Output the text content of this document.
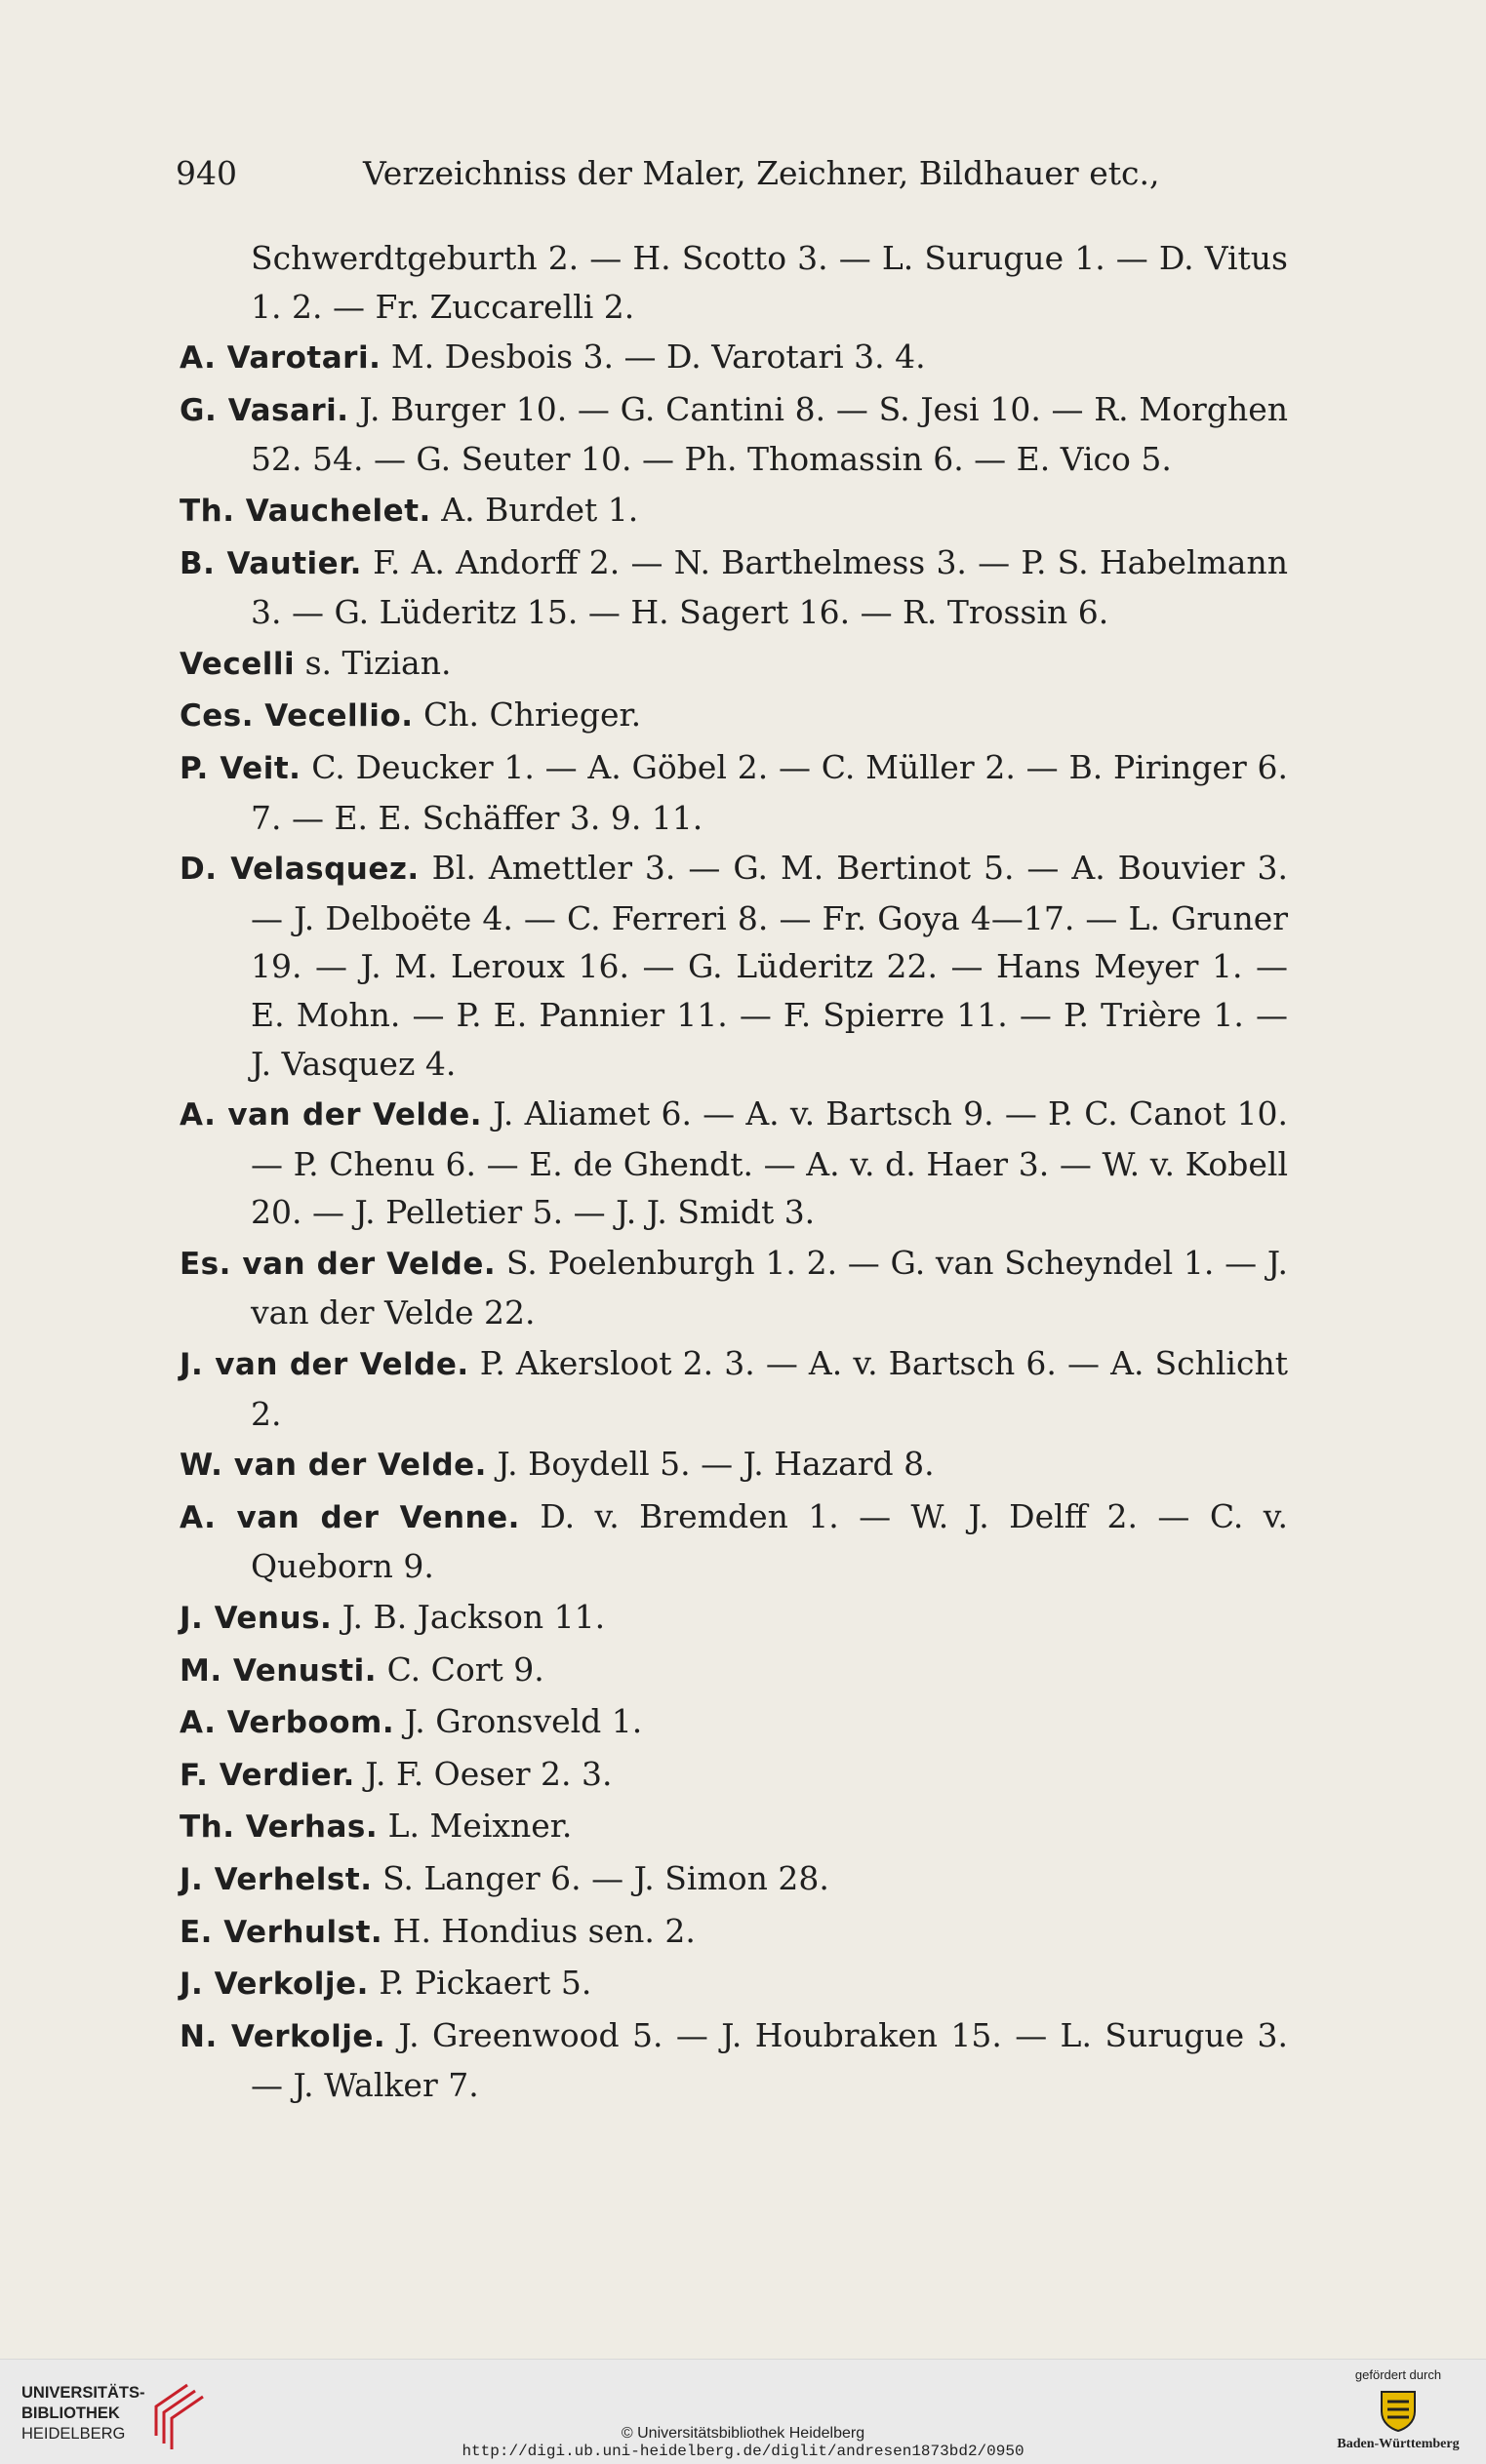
940	Verzeichniss der Maler, Zeichner, Bildhauer etc.,
Schwerdtgeburth 2. — H. Scotto 3. — L. Surugue 1. — D. Vitus 1. 2. — Fr. Zuccarelli 2.
A. Varotari. M. Desbois 3. — D. Varotari 3. 4.
G. Vasari. J. Burger 10. — G. Cantini 8. — S. Jesi 10. — R. Morghen 52. 54. — G. Seuter 10. — Ph. Thomassin 6. — E. Vico 5.
Th. Vauchelet. A. Burdet 1.
B. Vautier. F. A. Andorff 2. — N. Barthelmess 3. — P. S. Habelmann 3. — G. Lüderitz 15. — H. Sagert 16. — R. Trossin 6.
Vecelli s. Tizian.
Ces. Vecellio. Ch. Chrieger.
P. Veit. C. Deucker 1. — A. Göbel 2. — C. Müller 2. — B. Piringer 6. 7. — E. E. Schäffer 3. 9. 11.
D. Velasquez. Bl. Amettler 3. — G. M. Bertinot 5. — A. Bouvier 3. — J. Delboëte 4. — C. Ferreri 8. — Fr. Goya 4—17. — L. Gruner 19. — J. M. Leroux 16. — G. Lüderitz 22. — Hans Meyer 1. — E. Mohn. — P. E. Pannier 11. — F. Spierre 11. — P. Trière 1. — J. Vasquez 4.
A. van der Velde. J. Aliamet 6. — A. v. Bartsch 9. — P. C. Canot 10. — P. Chenu 6. — E. de Ghendt. — A. v. d. Haer 3. — W. v. Kobell 20. — J. Pelletier 5. — J. J. Smidt 3.
Es. van der Velde. S. Poelenburgh 1. 2. — G. van Scheyndel 1. — J. van der Velde 22.
J. van der Velde. P. Akersloot 2. 3. — A. v. Bartsch 6. — A. Schlicht 2.
W. van der Velde. J. Boydell 5. — J. Hazard 8.
A. van der Venne. D. v. Bremden 1. — W. J. Delff 2. — C. v. Queborn 9.
J. Venus. J. B. Jackson 11.
M. Venusti. C. Cort 9.
A. Verboom. J. Gronsveld 1.
F. Verdier. J. F. Oeser 2. 3.
Th. Verhas. L. Meixner.
J. Verhelst. S. Langer 6. — J. Simon 28.
E. Verhulst. H. Hondius sen. 2.
J. Verkolje. P. Pickaert 5.
N. Verkolje. J. Greenwood 5. — J. Houbraken 15. — L. Surugue 3. — J. Walker 7.
UNIVERSITÄTS-
BIBLIOTHEK
HEIDELBERG	© Universitätsbibliothek Heidelberg
http://digi.ub.uni-heidelberg.de/diglit/andresen1873bd2/0950
gefördert durch
Baden-Württemberg
